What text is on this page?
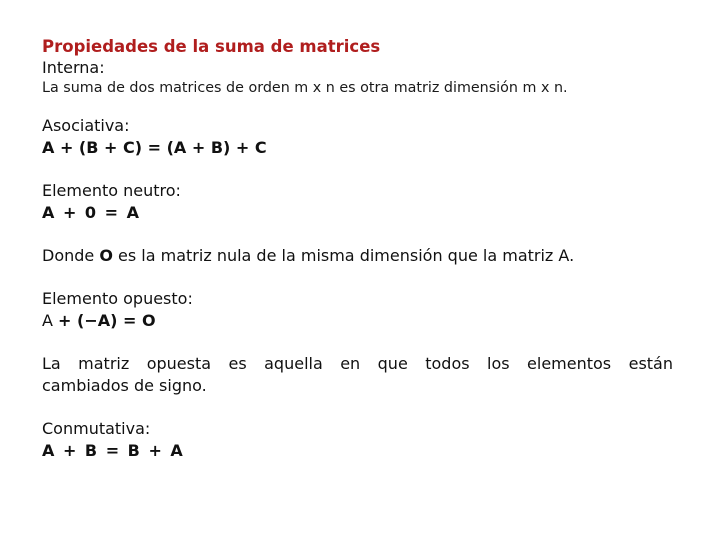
Propiedades de la suma de matrices

Interna:

La suma de dos matrices de orden m x n es otra matriz dimensión m x n.

Asociativa:

A + (B + C) = (A + B) + C

Elemento neutro:

A + 0 = A

Donde O es la matriz nula de la misma dimensión que la matriz A.

Elemento opuesto:

A + (−A) = O

La matriz opuesta es aquella en que todos los elementos están
cambiados de signo.

Conmutativa:

A + B = B + A
